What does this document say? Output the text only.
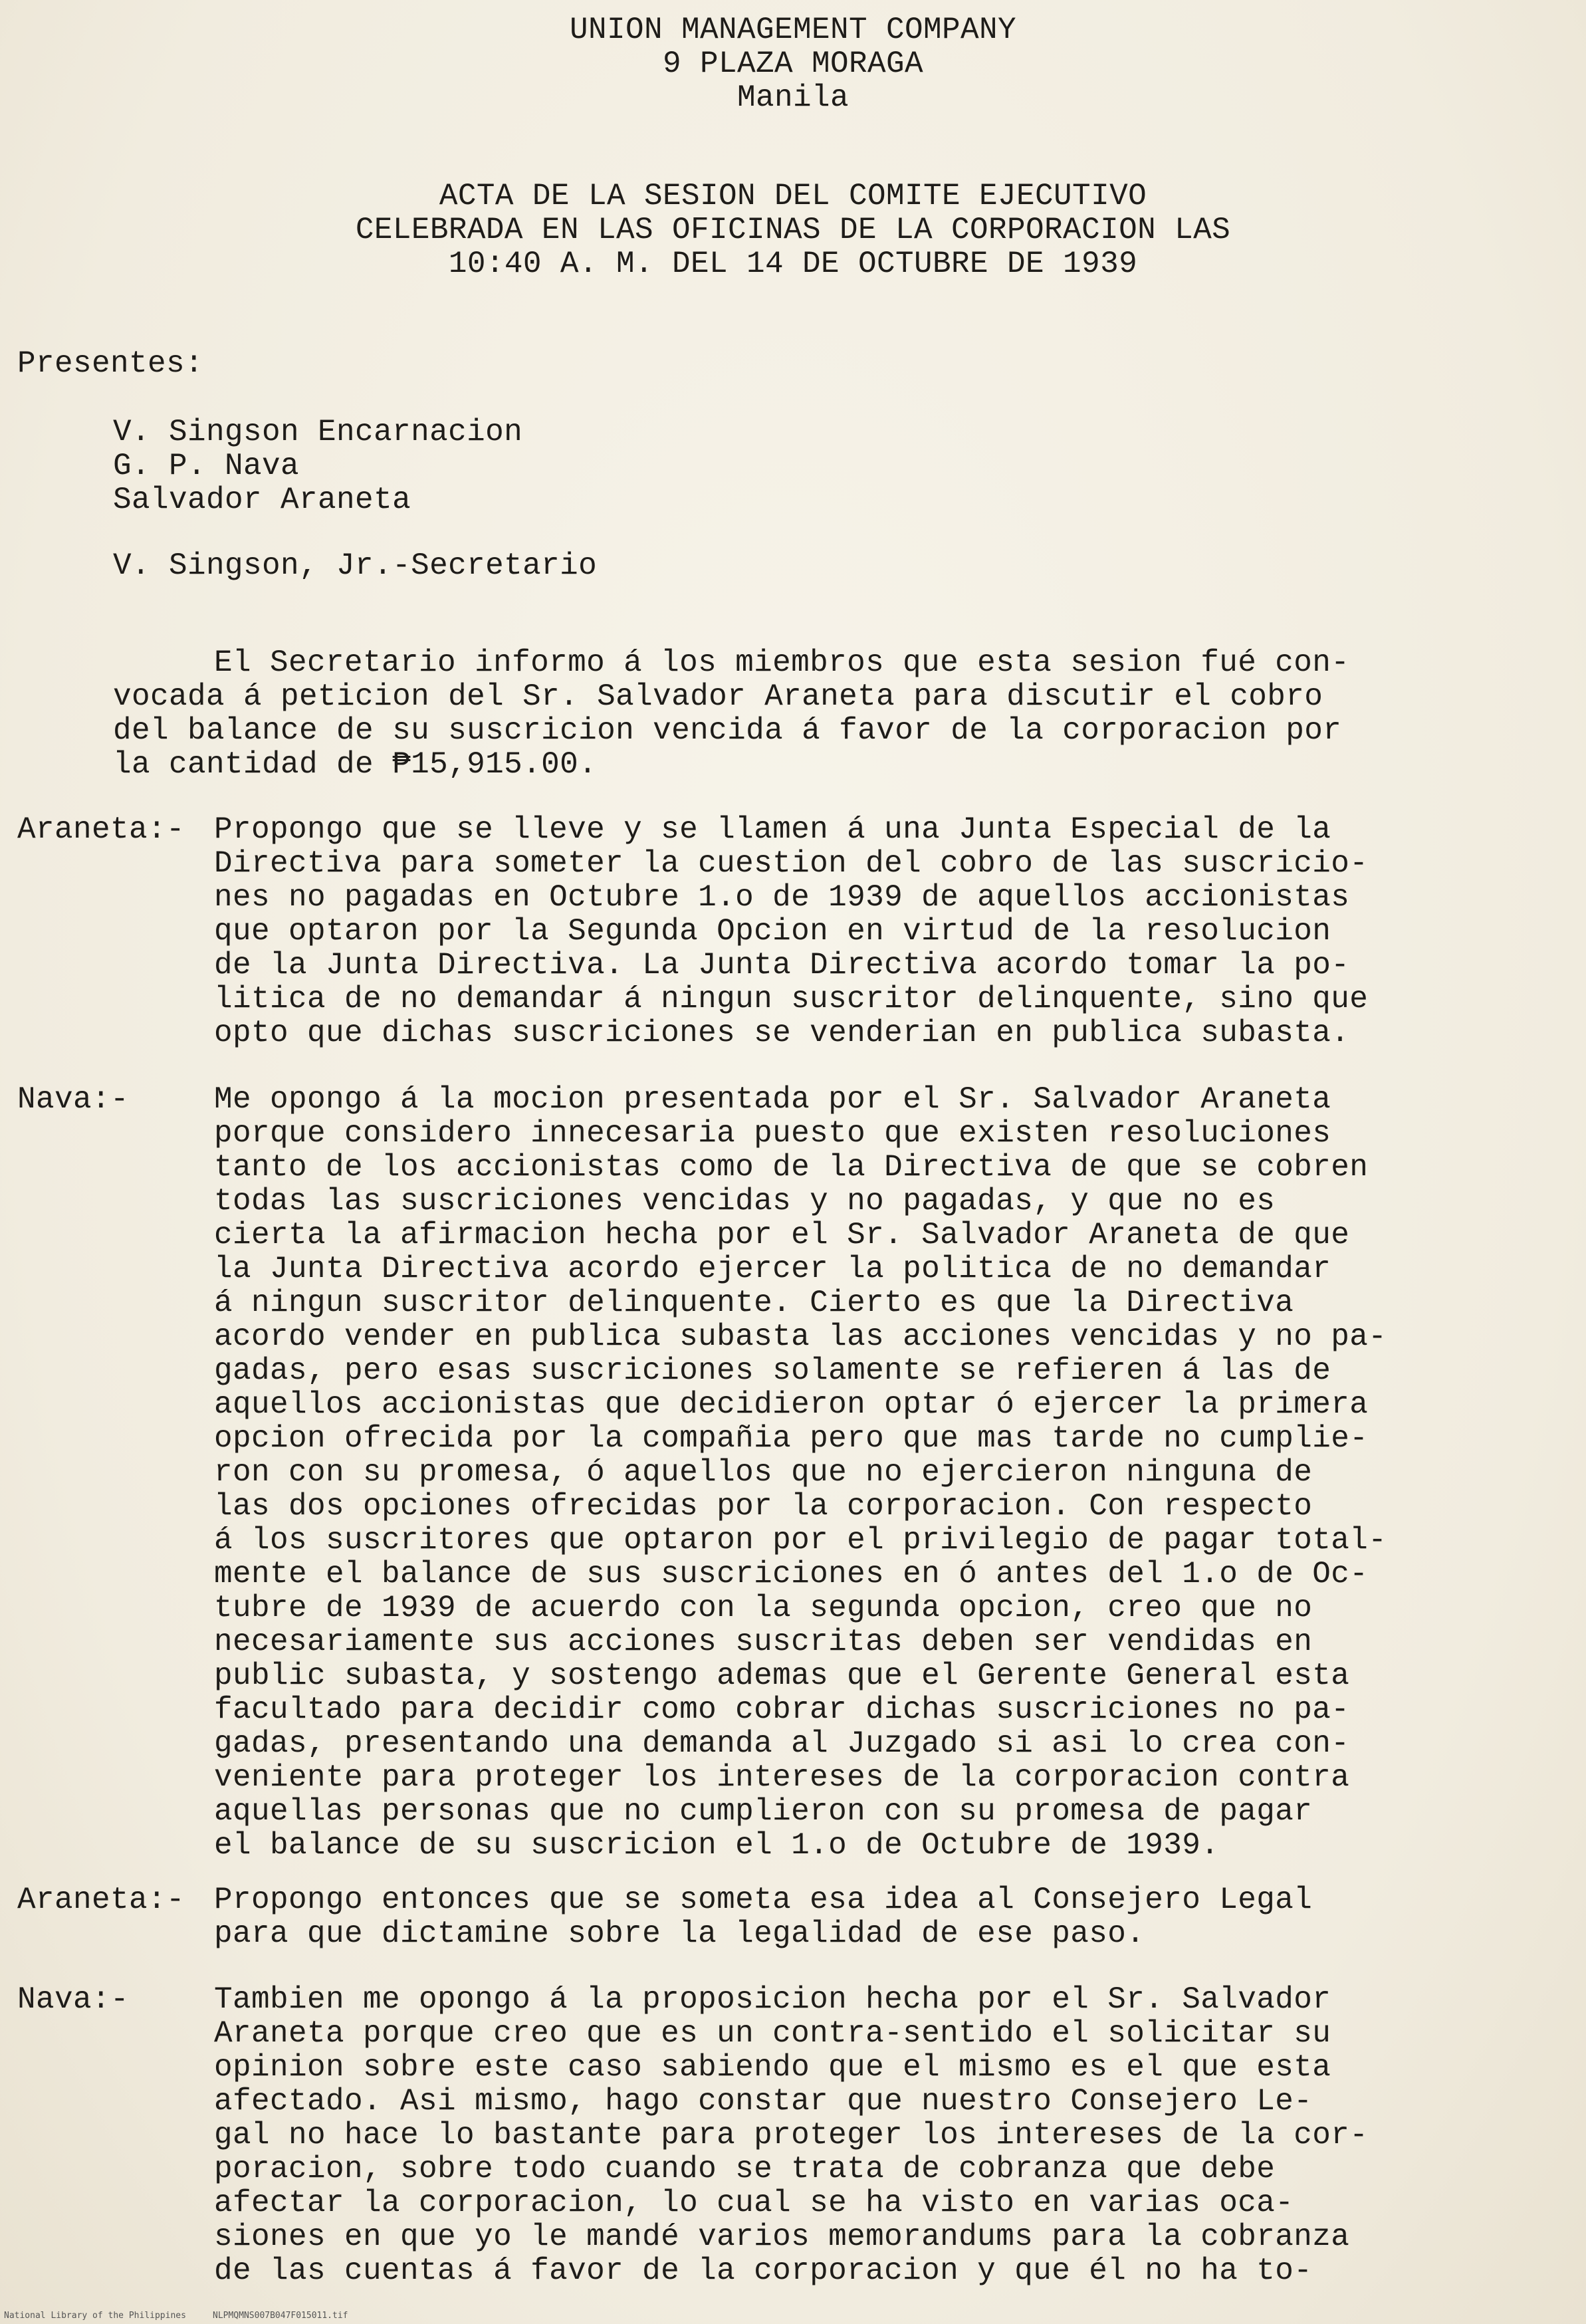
UNION MANAGEMENT COMPANY
9 PLAZA MORAGA
Manila
ACTA DE LA SESION DEL COMITE EJECUTIVO
CELEBRADA EN LAS OFICINAS DE LA CORPORACION LAS
10:40 A. M. DEL 14 DE OCTUBRE DE 1939
Presentes:
V. Singson Encarnacion
G. P. Nava
Salvador Araneta
V. Singson, Jr.-Secretario
El Secretario informo á los miembros que esta sesion fué con-
vocada á peticion del Sr. Salvador Araneta para discutir el cobro
del balance de su suscricion vencida á favor de la corporacion por
la cantidad de ₱15,915.00.
Araneta:- Propongo que se lleve y se llamen á una Junta Especial de la
Directiva para someter la cuestion del cobro de las suscricio-
nes no pagadas en Octubre 1.o de 1939 de aquellos accionistas
que optaron por la Segunda Opcion en virtud de la resolucion
de la Junta Directiva. La Junta Directiva acordo tomar la po-
litica de no demandar á ningun suscritor delinquente, sino que
opto que dichas suscriciones se venderian en publica subasta.
Nava:-	Me opongo á la mocion presentada por el Sr. Salvador Araneta
porque considero innecesaria puesto que existen resoluciones
tanto de los accionistas como de la Directiva de que se cobren
todas las suscriciones vencidas y no pagadas, y que no es
cierta la afirmacion hecha por el Sr. Salvador Araneta de que
la Junta Directiva acordo ejercer la politica de no demandar
á ningun suscritor delinquente. Cierto es que la Directiva
acordo vender en publica subasta las acciones vencidas y no pa-
gadas, pero esas suscriciones solamente se refieren á las de
aquellos accionistas que decidieron optar ó ejercer la primera
opcion ofrecida por la compañia pero que mas tarde no cumplie-
ron con su promesa, ó aquellos que no ejercieron ninguna de
las dos opciones ofrecidas por la corporacion. Con respecto
á los suscritores que optaron por el privilegio de pagar total-
mente el balance de sus suscriciones en ó antes del 1.o de Oc-
tubre de 1939 de acuerdo con la segunda opcion, creo que no
necesariamente sus acciones suscritas deben ser vendidas en
public subasta, y sostengo ademas que el Gerente General esta
facultado para decidir como cobrar dichas suscriciones no pa-
gadas, presentando una demanda al Juzgado si asi lo crea con-
veniente para proteger los intereses de la corporacion contra
aquellas personas que no cumplieron con su promesa de pagar
el balance de su suscricion el 1.o de Octubre de 1939.
Araneta:- Propongo entonces que se someta esa idea al Consejero Legal
para que dictamine sobre la legalidad de ese paso.
Nava:-	Tambien me opongo á la proposicion hecha por el Sr. Salvador
Araneta porque creo que es un contra-sentido el solicitar su
opinion sobre este caso sabiendo que el mismo es el que esta
afectado. Asi mismo, hago constar que nuestro Consejero Le-
gal no hace lo bastante para proteger los intereses de la cor-
poracion, sobre todo cuando se trata de cobranza que debe
afectar la corporacion, lo cual se ha visto en varias oca-
siones en que yo le mandé varios memorandums para la cobranza
de las cuentas á favor de la corporacion y que él no ha to-
National Library of the Philippines	NLPMQMNS007B047F015011.tif
